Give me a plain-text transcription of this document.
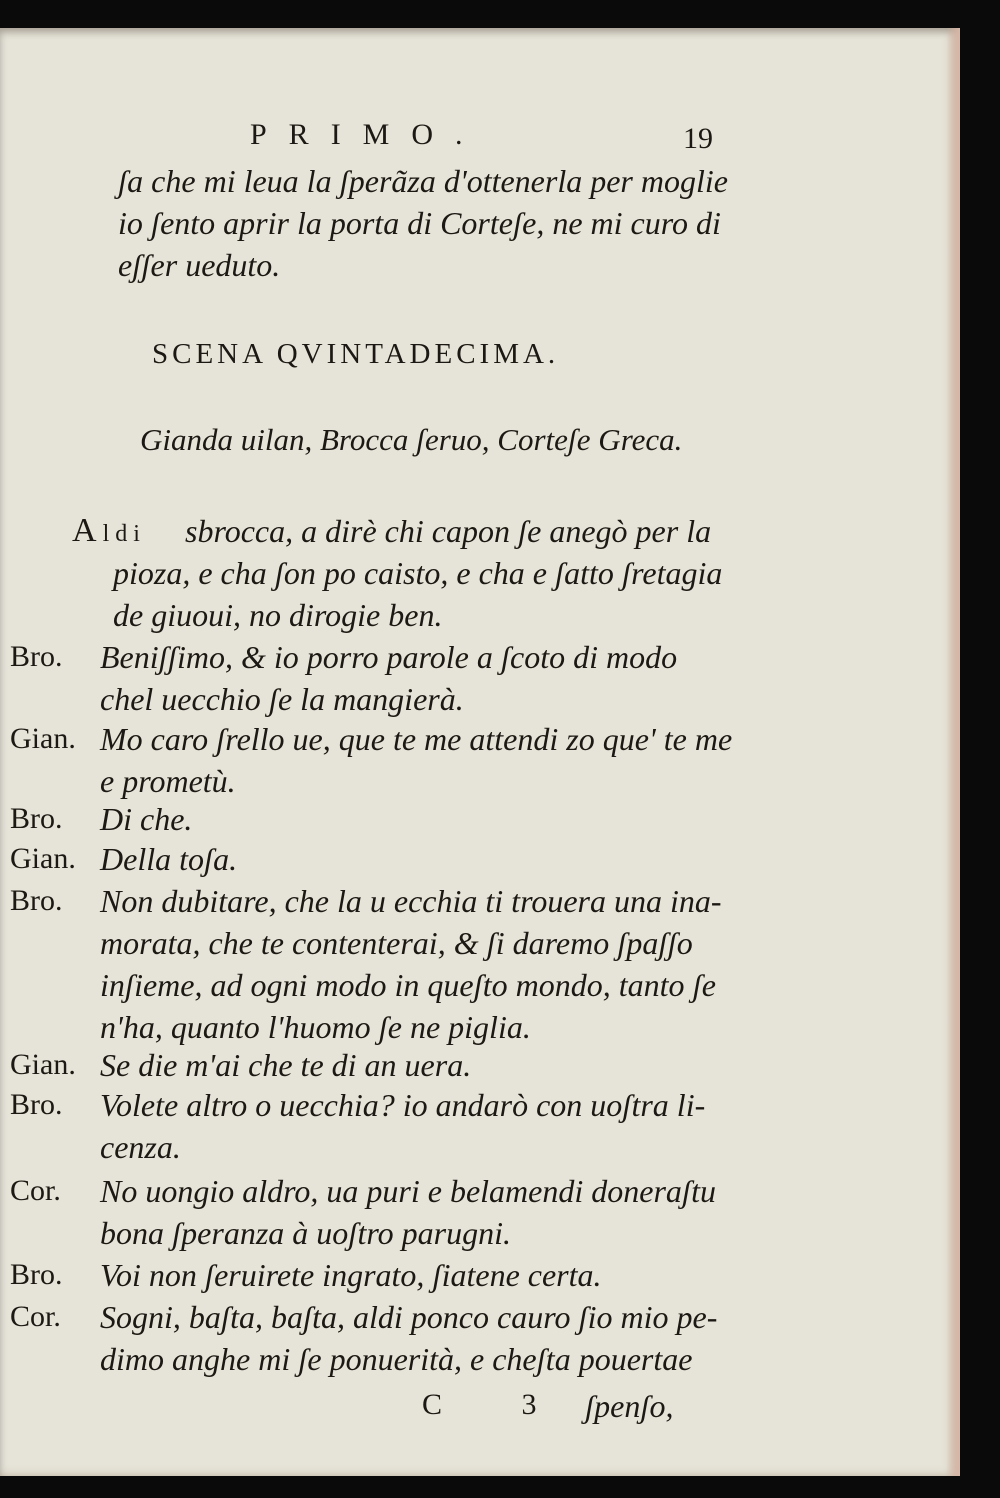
PRIMO.	19
ʃa che mi leua la ʃperãza d'ottenerla per moglie
io ʃento aprir la porta di Corteʃe, ne mi curo di
eʃʃer ueduto.
SCENA QVINTADECIMA.
Gianda uilan, Brocca ʃeruo, Corteʃe Greca.
Aldi sbrocca, a dirè chi capon ʃe anegò per la
pioza, e cha ʃon po caisto, e cha e ʃatto ʃretagia
de giuoui, no dirogie ben.
Bro. Beniʃʃimo, & io porro parole a ʃcoto di modo
chel uecchio ʃe la mangierà.
Gian. Mo caro ʃrello ue, que te me attendi zo que' te me
e prometù.
Bro. Di che.
Gian. Della toʃa.
Bro. Non dubitare, che la u ecchia ti trouera una ina-
morata, che te contenterai, & ʃi daremo ʃpaʃʃo
inʃieme, ad ogni modo in queʃto mondo, tanto ʃe
n'ha, quanto l'huomo ʃe ne piglia.
Gian. Se die m'ai che te di an uera.
Bro. Volete altro o uecchia? io andarò con uoʃtra li-
cenza.
Cor. No uongio aldro, ua puri e belamendi doneraʃtu
bona ʃperanza à uoʃtro parugni.
Bro. Voi non ʃeruirete ingrato, ʃiatene certa.
Cor. Sogni, baʃta, baʃta, aldi ponco cauro ʃio mio pe-
dimo anghe mi ʃe ponuerità, e cheʃta pouertae
C 3 ʃpenʃo,
